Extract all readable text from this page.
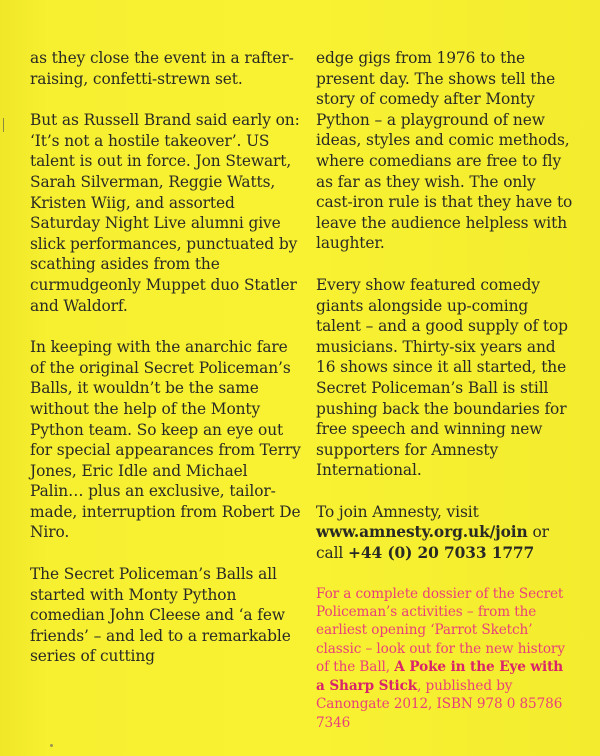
as they close the event in a rafter-raising, confetti-strewn set.

But as Russell Brand said early on: ‘It’s not a hostile takeover’. US talent is out in force. Jon Stewart, Sarah Silverman, Reggie Watts, Kristen Wiig, and assorted Saturday Night Live alumni give slick performances, punctuated by scathing asides from the curmudgeonly Muppet duo Statler and Waldorf.

In keeping with the anarchic fare of the original Secret Policeman’s Balls, it wouldn’t be the same without the help of the Monty Python team. So keep an eye out for special appearances from Terry Jones, Eric Idle and Michael Palin… plus an exclusive, tailor-made, interruption from Robert De Niro.

The Secret Policeman’s Balls all started with Monty Python comedian John Cleese and ‘a few friends’ – and led to a remarkable series of cutting

edge gigs from 1976 to the present day. The shows tell the story of comedy after Monty Python – a playground of new ideas, styles and comic methods, where comedians are free to fly as far as they wish. The only cast-iron rule is that they have to leave the audience helpless with laughter.

Every show featured comedy giants alongside up-coming talent – and a good supply of top musicians. Thirty-six years and 16 shows since it all started, the Secret Policeman’s Ball is still pushing back the boundaries for free speech and winning new supporters for Amnesty International.

To join Amnesty, visit
www.amnesty.org.uk/join or
call +44 (0) 20 7033 1777

For a complete dossier of the Secret Policeman’s activities – from the earliest opening ‘Parrot Sketch’ classic – look out for the new history of the Ball, A Poke in the Eye with a Sharp Stick, published by Canongate 2012, ISBN 978 0 85786 7346
